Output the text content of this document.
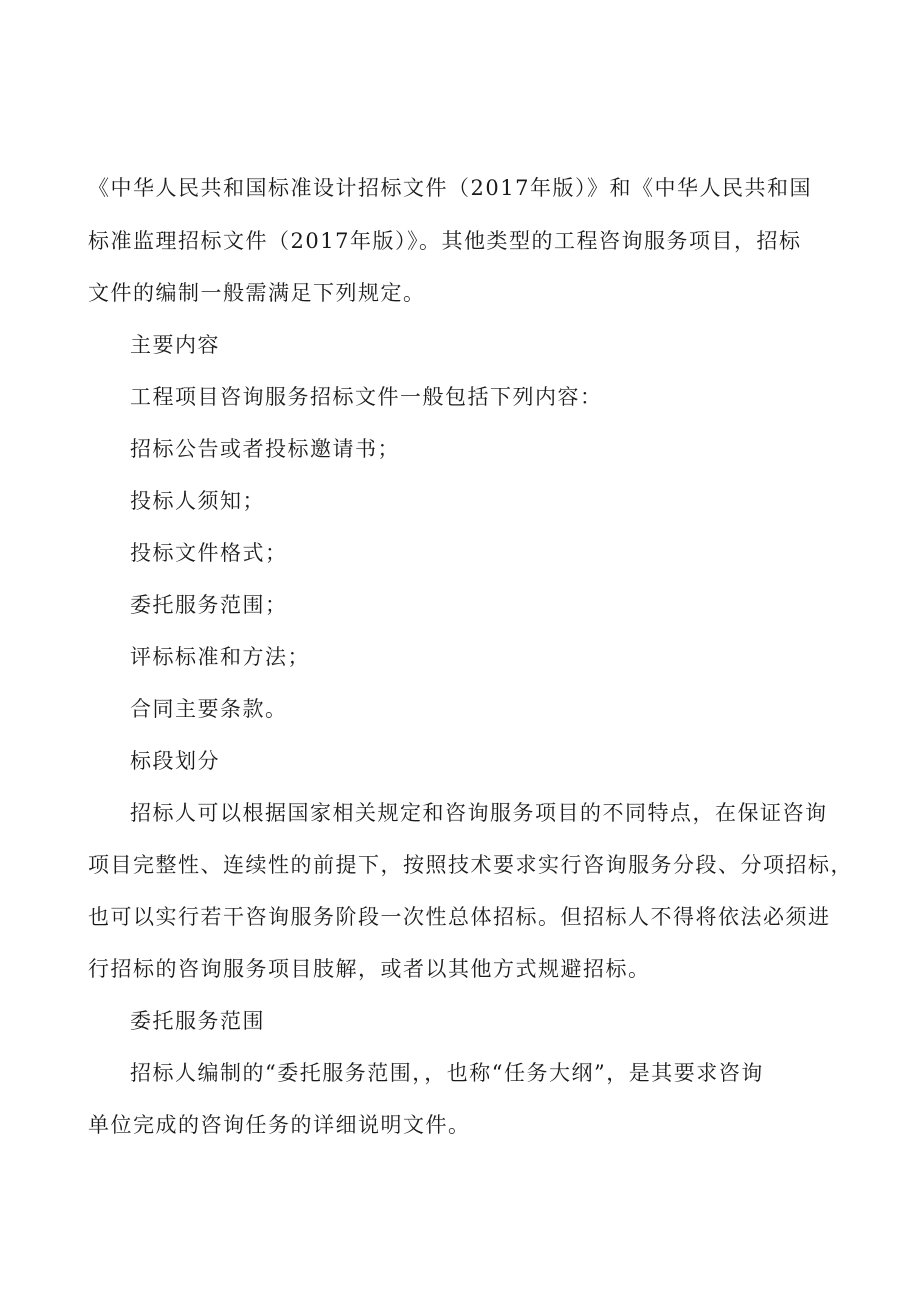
《中华人民共和国标准设计招标文件（2017年版）》和《中华人民共和国
标准监理招标文件（2017年版）》。其他类型的工程咨询服务项目，招标
文件的编制一般需满足下列规定。
主要内容
工程项目咨询服务招标文件一般包括下列内容：
招标公告或者投标邀请书；
投标人须知；
投标文件格式；
委托服务范围；
评标标准和方法；
合同主要条款。
标段划分
招标人可以根据国家相关规定和咨询服务项目的不同特点，在保证咨询
项目完整性、连续性的前提下，按照技术要求实行咨询服务分段、分项招标，
也可以实行若干咨询服务阶段一次性总体招标。但招标人不得将依法必须进
行招标的咨询服务项目肢解，或者以其他方式规避招标。
委托服务范围
招标人编制的“委托服务范围，，也称“任务大纲”，是其要求咨询
单位完成的咨询任务的详细说明文件。
